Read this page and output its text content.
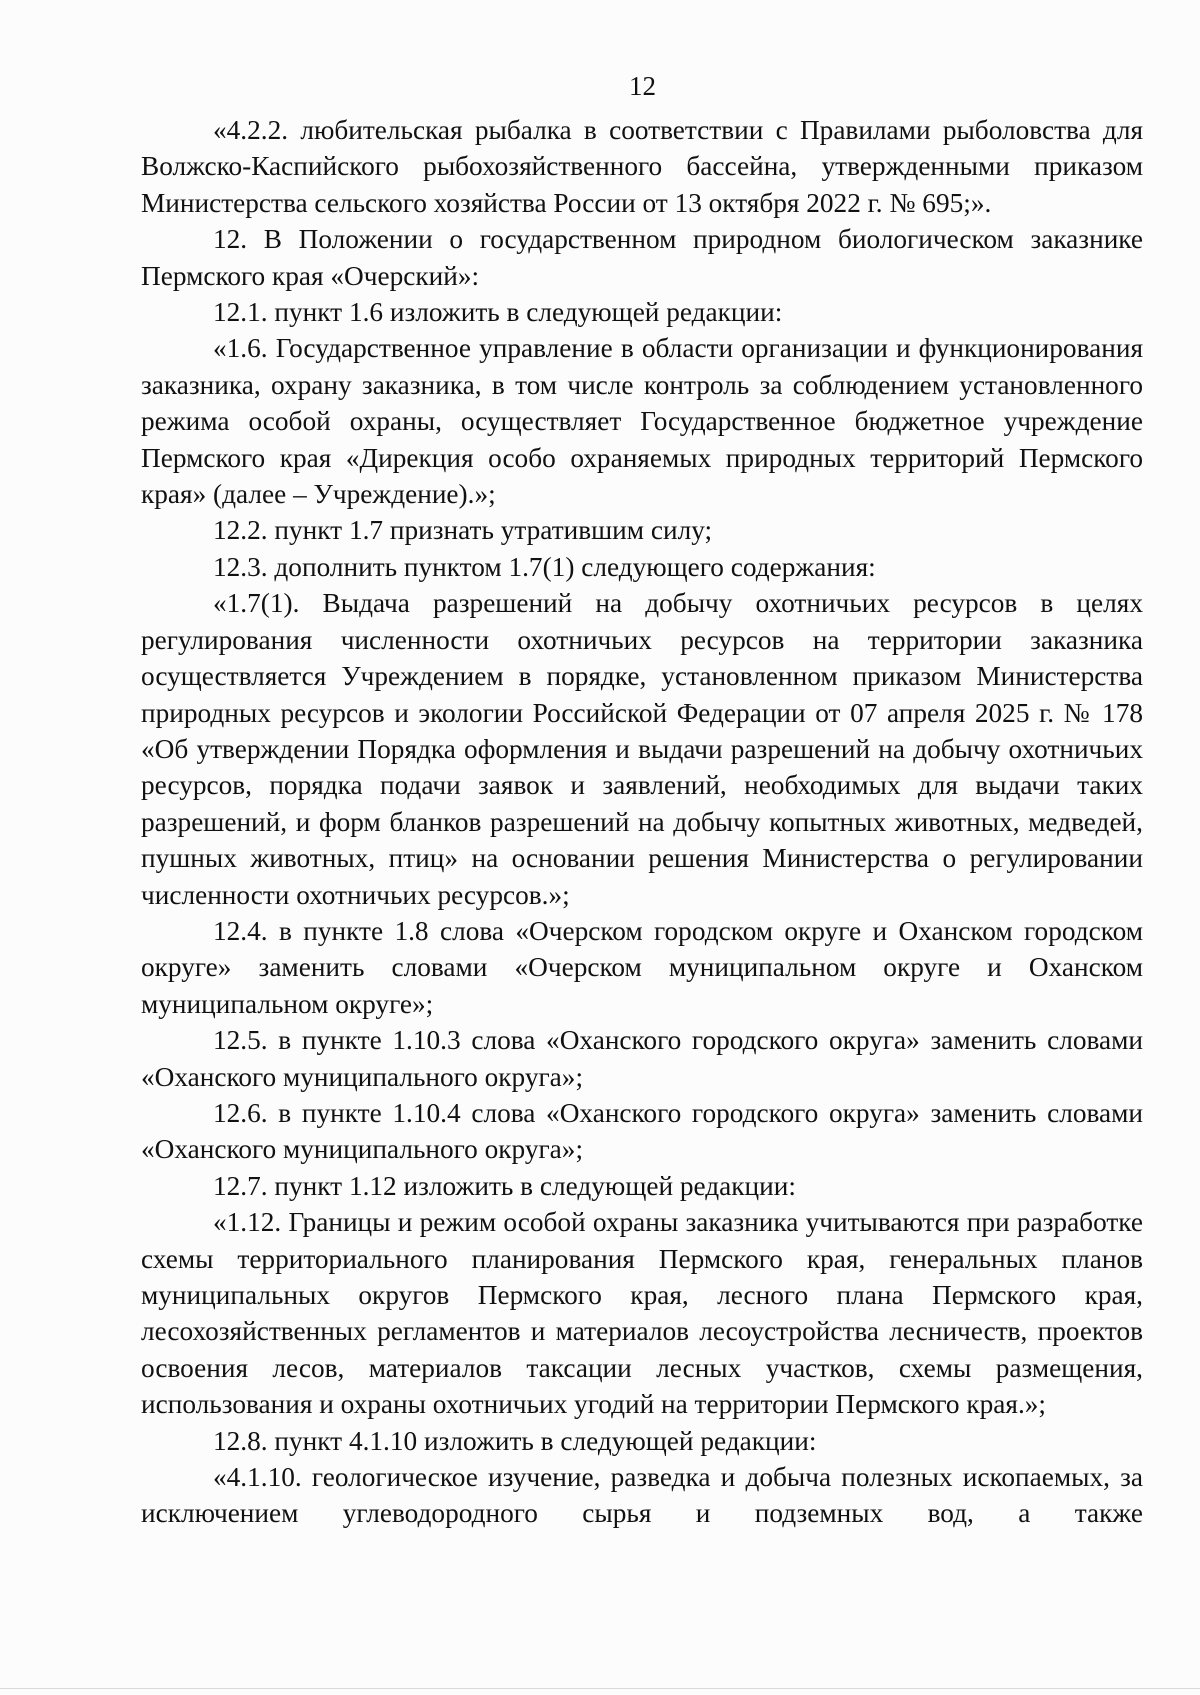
12

«4.2.2. любительская рыбалка в соответствии с Правилами рыболовства для Волжско-Каспийского рыбохозяйственного бассейна, утвержденными приказом Министерства сельского хозяйства России от 13 октября 2022 г. № 695;».

12. В Положении о государственном природном биологическом заказнике Пермского края «Очерский»:

12.1. пункт 1.6 изложить в следующей редакции:

«1.6. Государственное управление в области организации и функционирования заказника, охрану заказника, в том числе контроль за соблюдением установленного режима особой охраны, осуществляет Государственное бюджетное учреждение Пермского края «Дирекция особо охраняемых природных территорий Пермского края» (далее – Учреждение).»;

12.2. пункт 1.7 признать утратившим силу;

12.3. дополнить пунктом 1.7(1) следующего содержания:

«1.7(1). Выдача разрешений на добычу охотничьих ресурсов в целях регулирования численности охотничьих ресурсов на территории заказника осуществляется Учреждением в порядке, установленном приказом Министерства природных ресурсов и экологии Российской Федерации от 07 апреля 2025 г. № 178 «Об утверждении Порядка оформления и выдачи разрешений на добычу охотничьих ресурсов, порядка подачи заявок и заявлений, необходимых для выдачи таких разрешений, и форм бланков разрешений на добычу копытных животных, медведей, пушных животных, птиц» на основании решения Министерства о регулировании численности охотничьих ресурсов.»;

12.4. в пункте 1.8 слова «Очерском городском округе и Оханском городском округе» заменить словами «Очерском муниципальном округе и Оханском муниципальном округе»;

12.5. в пункте 1.10.3 слова «Оханского городского округа» заменить словами «Оханского муниципального округа»;

12.6. в пункте 1.10.4 слова «Оханского городского округа» заменить словами «Оханского муниципального округа»;

12.7. пункт 1.12 изложить в следующей редакции:

«1.12. Границы и режим особой охраны заказника учитываются при разработке схемы территориального планирования Пермского края, генеральных планов муниципальных округов Пермского края, лесного плана Пермского края, лесохозяйственных регламентов и материалов лесоустройства лесничеств, проектов освоения лесов, материалов таксации лесных участков, схемы размещения, использования и охраны охотничьих угодий на территории Пермского края.»;

12.8. пункт 4.1.10 изложить в следующей редакции:

«4.1.10. геологическое изучение, разведка и добыча полезных ископаемых, за исключением углеводородного сырья и подземных вод, а также
